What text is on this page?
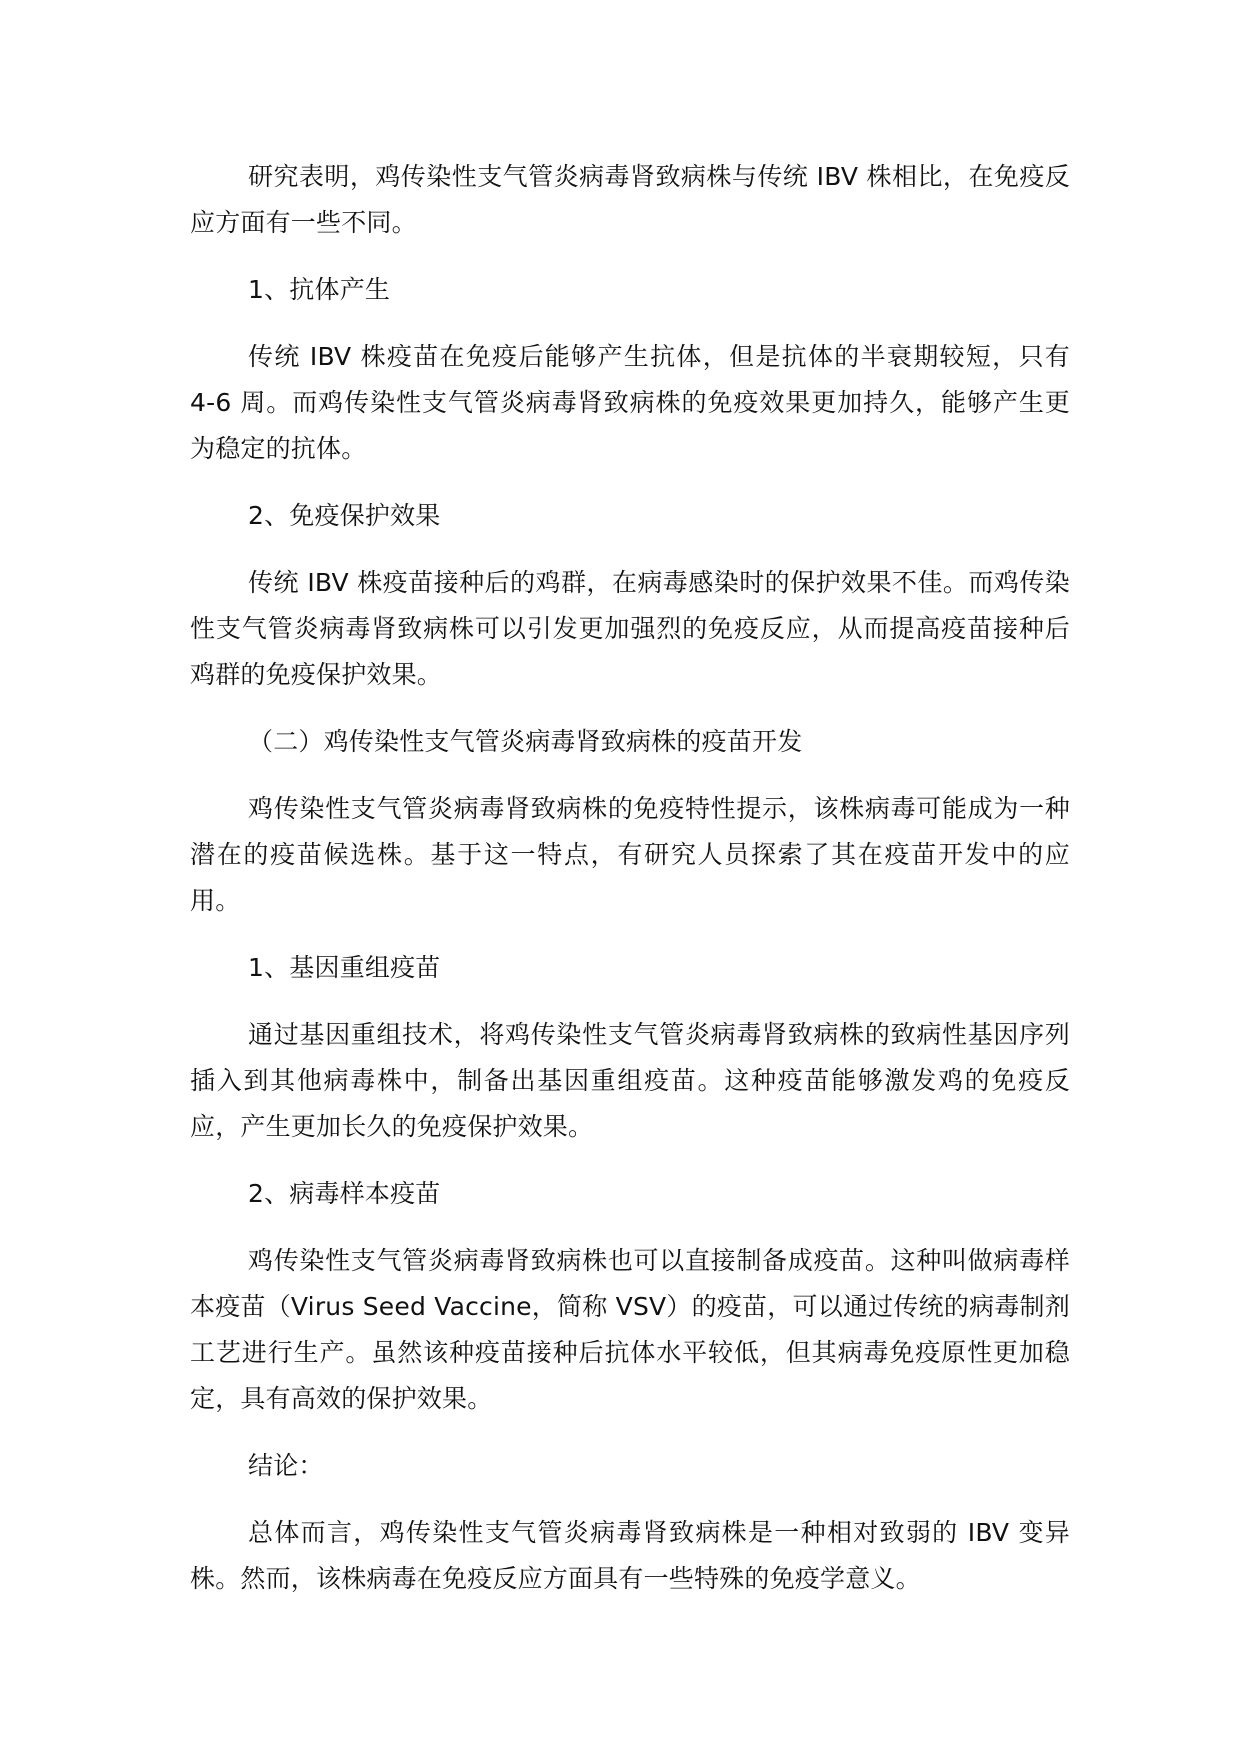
研究表明，鸡传染性支气管炎病毒肾致病株与传统 IBV 株相比，在免疫反应方面有一些不同。

1、抗体产生

传统 IBV 株疫苗在免疫后能够产生抗体，但是抗体的半衰期较短，只有 4-6 周。而鸡传染性支气管炎病毒肾致病株的免疫效果更加持久，能够产生更为稳定的抗体。

2、免疫保护效果

传统 IBV 株疫苗接种后的鸡群，在病毒感染时的保护效果不佳。而鸡传染性支气管炎病毒肾致病株可以引发更加强烈的免疫反应，从而提高疫苗接种后鸡群的免疫保护效果。

（二）鸡传染性支气管炎病毒肾致病株的疫苗开发

鸡传染性支气管炎病毒肾致病株的免疫特性提示，该株病毒可能成为一种潜在的疫苗候选株。基于这一特点，有研究人员探索了其在疫苗开发中的应用。

1、基因重组疫苗

通过基因重组技术，将鸡传染性支气管炎病毒肾致病株的致病性基因序列插入到其他病毒株中，制备出基因重组疫苗。这种疫苗能够激发鸡的免疫反应，产生更加长久的免疫保护效果。

2、病毒样本疫苗

鸡传染性支气管炎病毒肾致病株也可以直接制备成疫苗。这种叫做病毒样本疫苗（Virus Seed Vaccine，简称 VSV）的疫苗，可以通过传统的病毒制剂工艺进行生产。虽然该种疫苗接种后抗体水平较低，但其病毒免疫原性更加稳定，具有高效的保护效果。

结论：

总体而言，鸡传染性支气管炎病毒肾致病株是一种相对致弱的 IBV 变异株。然而，该株病毒在免疫反应方面具有一些特殊的免疫学意义。
